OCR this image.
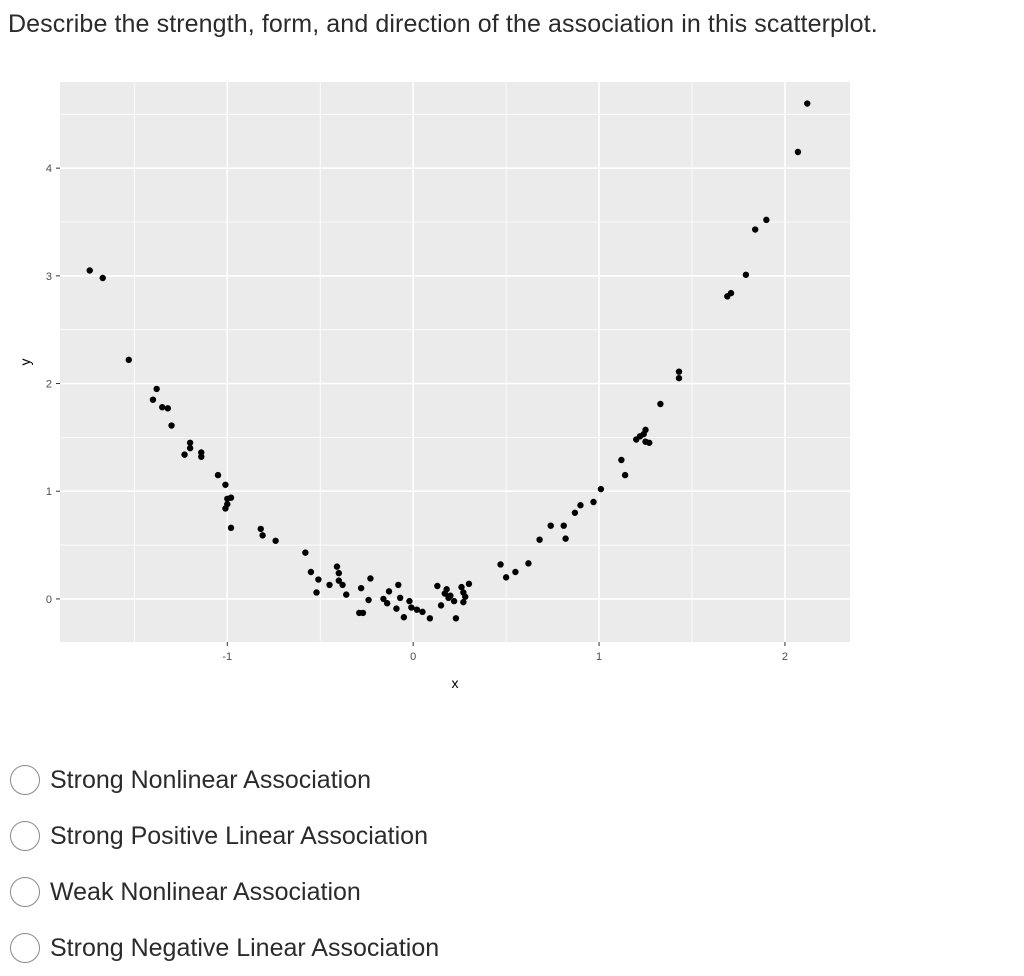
Describe the strength, form, and direction of the association in this scatterplot.
-1	0	1	2
0
1
2
3
4
x
y
Strong Nonlinear Association
Strong Positive Linear Association
Weak Nonlinear Association
Strong Negative Linear Association
